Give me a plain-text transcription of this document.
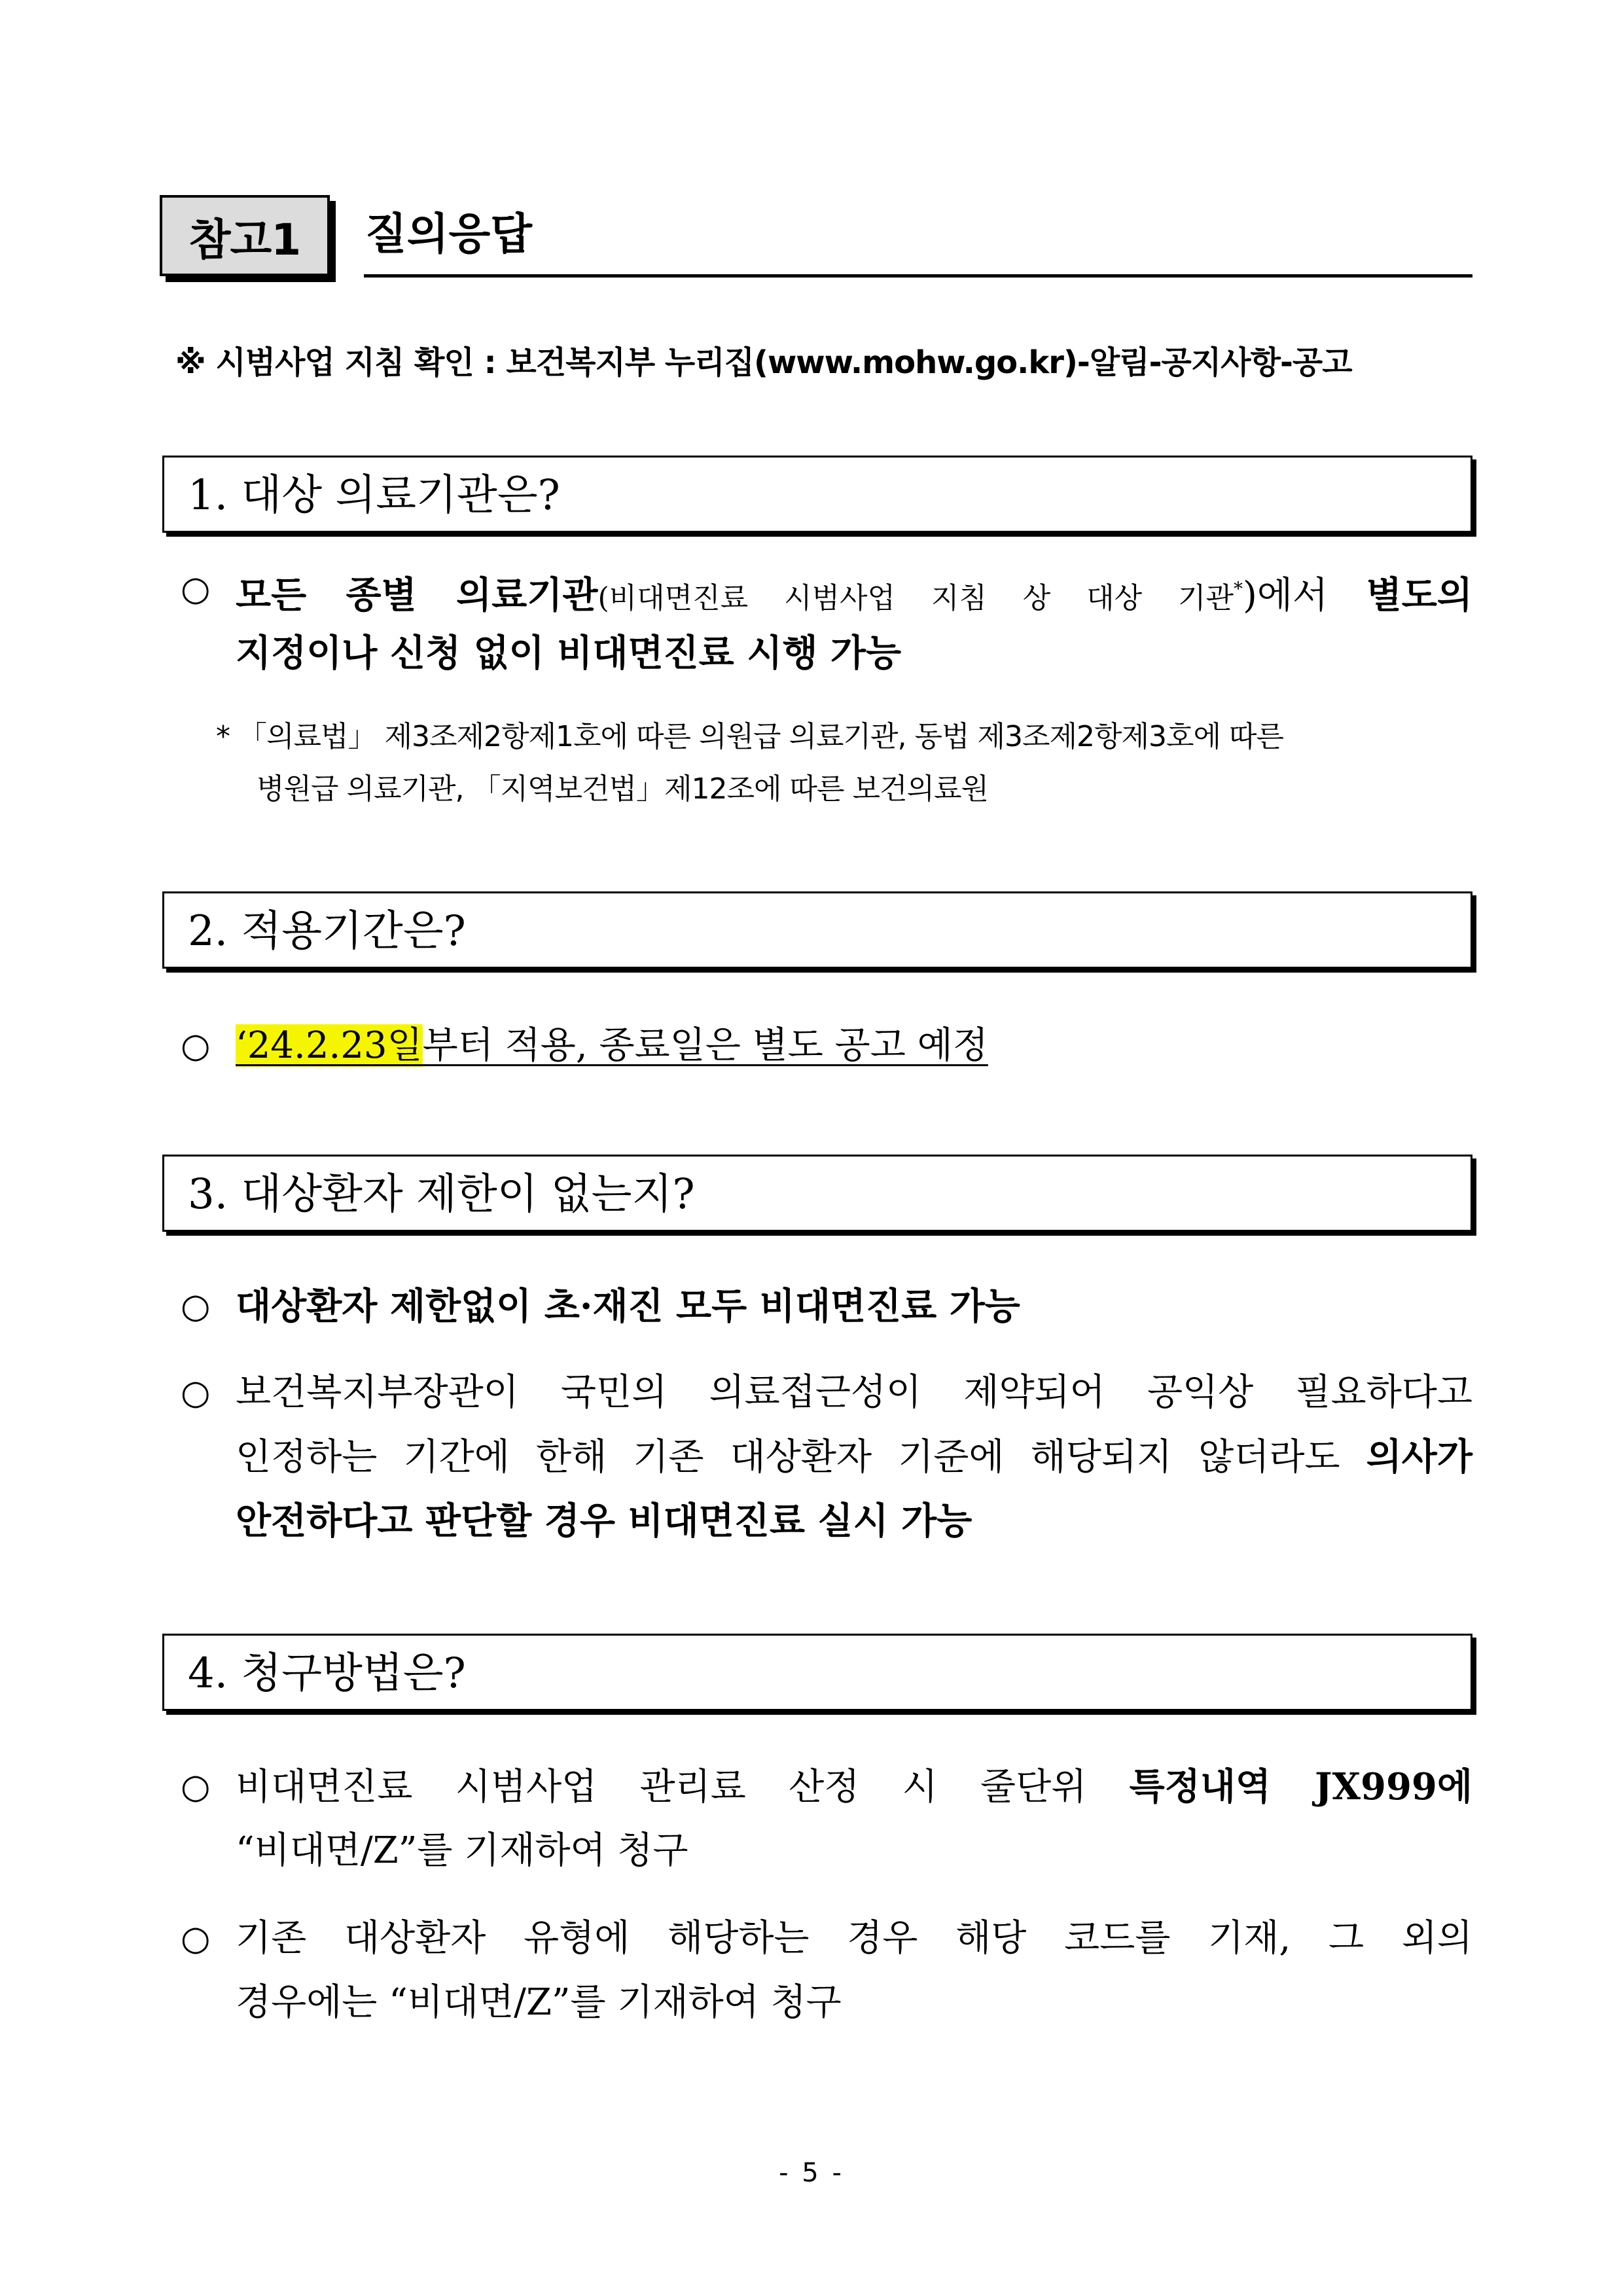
참고1 질의응답
※ 시범사업 지침 확인 : 보건복지부 누리집(www.mohw.go.kr)-알림-공지사항-공고
1. 대상 의료기관은?
○ 모든 종별 의료기관(비대면진료 시범사업 지침 상 대상 기관*)에서 별도의
지정이나 신청 없이 비대면진료 시행 가능
* 「의료법」 제3조제2항제1호에 따른 의원급 의료기관, 동법 제3조제2항제3호에 따른
병원급 의료기관, 「지역보건법」제12조에 따른 보건의료원
2. 적용기간은?
○ ‘24.2.23일부터 적용, 종료일은 별도 공고 예정
3. 대상환자 제한이 없는지?
○ 대상환자 제한없이 초·재진 모두 비대면진료 가능
○ 보건복지부장관이 국민의 의료접근성이 제약되어 공익상 필요하다고
인정하는 기간에 한해 기존 대상환자 기준에 해당되지 않더라도 의사가
안전하다고 판단할 경우 비대면진료 실시 가능
4. 청구방법은?
○ 비대면진료 시범사업 관리료 산정 시 줄단위 특정내역 JX999에
“비대면/Z”를 기재하여 청구
○ 기존 대상환자 유형에 해당하는 경우 해당 코드를 기재, 그 외의
경우에는 “비대면/Z”를 기재하여 청구
- 5 -
